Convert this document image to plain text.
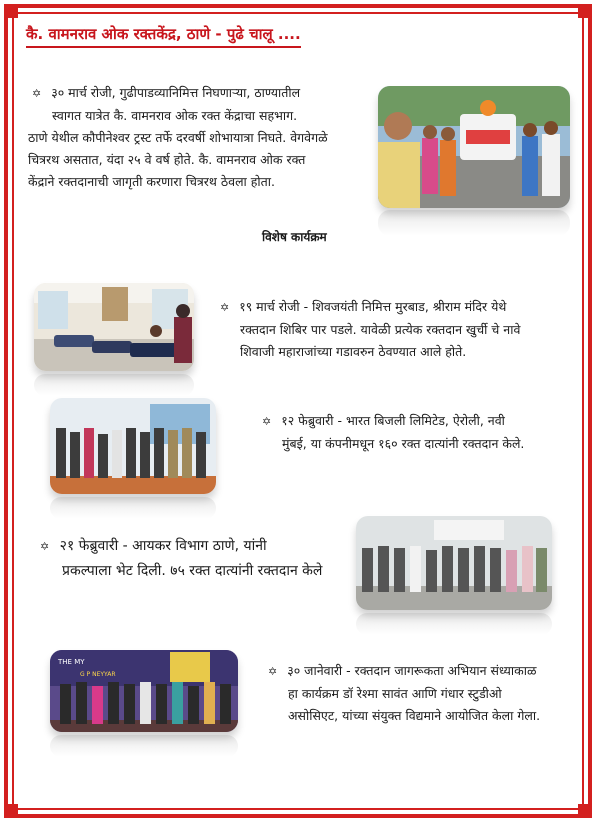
कै. वामनराव ओक रक्तकेंद्र, ठाणे - पुढे चालू ....
✡ ३० मार्च रोजी, गुढीपाडव्यानिमित्त निघणाऱ्या, ठाण्यातील
स्वागत यात्रेत कै. वामनराव ओक रक्त केंद्राचा सहभाग.
ठाणे येथील कौपीनेश्वर ट्रस्ट तर्फे दरवर्षी शोभायात्रा निघते. वेगवेगळे
चित्ररथ असतात, यंदा २५ वे वर्ष होते. कै. वामनराव ओक रक्त
केंद्राने रक्तदानाची जागृती करणारा चित्ररथ ठेवला होता.
विशेष कार्यक्रम
✡ १९ मार्च रोजी - शिवजयंती निमित्त मुरबाड, श्रीराम मंदिर येथे
रक्तदान शिबिर पार पडले. यावेळी प्रत्येक रक्तदान खुर्ची चे नावे
शिवाजी महाराजांच्या गडावरुन ठेवण्यात आले होते.
✡ १२ फेब्रुवारी - भारत बिजली लिमिटेड, ऐरोली, नवी
मुंबई, या कंपनीमधून १६० रक्त दात्यांनी रक्तदान केले.
✡ २१ फेब्रुवारी - आयकर विभाग ठाणे, यांनी
प्रकल्पाला भेट दिली. ७५ रक्त दात्यांनी रक्तदान केले
THE MY
G P NEYYAR	✡ ३० जानेवारी - रक्तदान जागरूकता अभियान संध्याकाळ
हा कार्यक्रम डॉ रेश्मा सावंत आणि गंधार स्टुडीओ
असोसिएट, यांच्या संयुक्त विद्यमाने आयोजित केला गेला.
